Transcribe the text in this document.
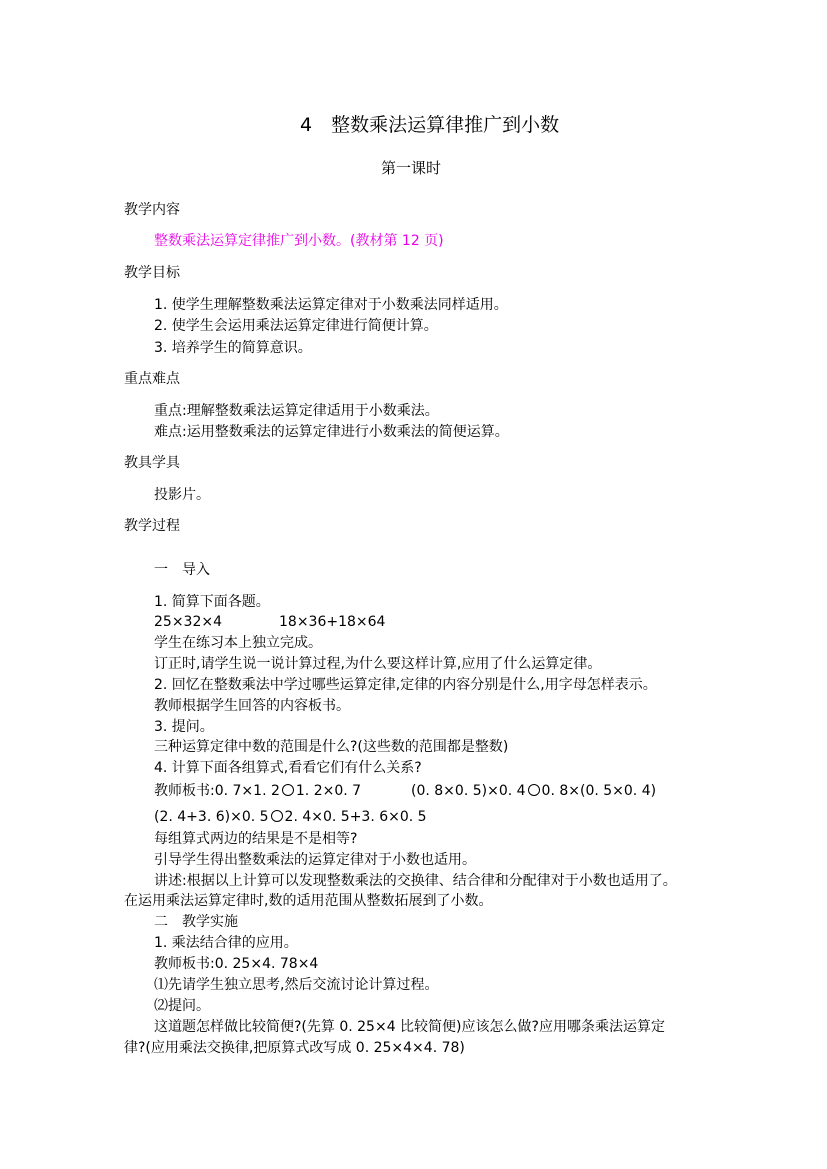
4　整数乘法运算律推广到小数
第一课时
教学内容
整数乘法运算定律推广到小数。(教材第 12 页)
教学目标
1. 使学生理解整数乘法运算定律对于小数乘法同样适用。
2. 使学生会运用乘法运算定律进行简便计算。
3. 培养学生的简算意识。
重点难点
重点:理解整数乘法运算定律适用于小数乘法。
难点:运用整数乘法的运算定律进行小数乘法的简便运算。
教具学具
投影片。
教学过程
一　导入
1. 简算下面各题。
25×32×4	18×36+18×64
学生在练习本上独立完成。
订正时,请学生说一说计算过程,为什么要这样计算,应用了什么运算定律。
2. 回忆在整数乘法中学过哪些运算定律,定律的内容分别是什么,用字母怎样表示。
教师根据学生回答的内容板书。
3. 提问。
三种运算定律中数的范围是什么?(这些数的范围都是整数)
4. 计算下面各组算式,看看它们有什么关系?
教师板书:0. 7×1. 2 1. 2×0. 7	(0. 8×0. 5)×0. 4 0. 8×(0. 5×0. 4)
(2. 4+3. 6)×0. 5 2. 4×0. 5+3. 6×0. 5
每组算式两边的结果是不是相等?
引导学生得出整数乘法的运算定律对于小数也适用。
讲述:根据以上计算可以发现整数乘法的交换律、结合律和分配律对于小数也适用了。
在运用乘法运算定律时,数的适用范围从整数拓展到了小数。
二　教学实施
1. 乘法结合律的应用。
教师板书:0. 25×4. 78×4
⑴先请学生独立思考,然后交流讨论计算过程。
⑵提问。
这道题怎样做比较简便?(先算 0. 25×4 比较简便)应该怎么做?应用哪条乘法运算定
律?(应用乘法交换律,把原算式改写成 0. 25×4×4. 78)
